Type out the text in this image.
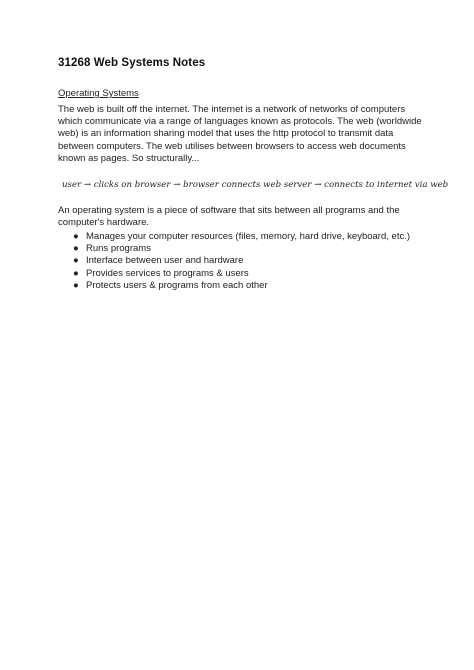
31268 Web Systems Notes
Operating Systems
The web is built off the internet. The internet is a network of networks of computers which communicate via a range of languages known as protocols. The web (worldwide web) is an information sharing model that uses the http protocol to transmit data between computers. The web utilises between browsers to access web documents known as pages. So structurally...
user → clicks on browser → browser connects web server → connects to internet via web
An operating system is a piece of software that sits between all programs and the computer's hardware.
● Manages your computer resources (files, memory, hard drive, keyboard, etc.)
● Runs programs
● Interface between user and hardware
● Provides services to programs & users
● Protects users & programs from each other
